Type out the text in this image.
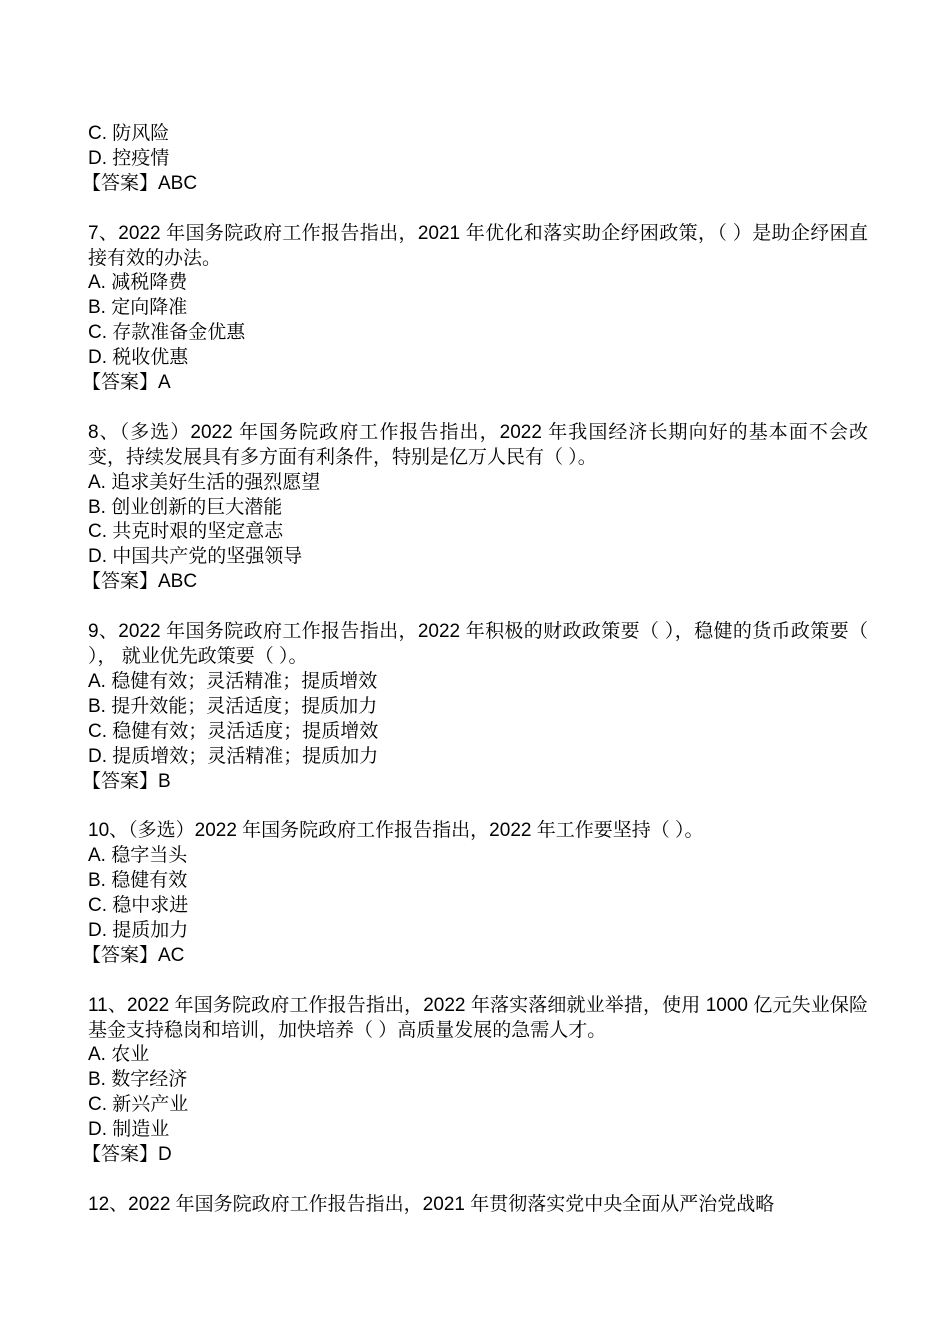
C. 防风险
D. 控疫情
【答案】ABC
7、2022 年国务院政府工作报告指出，2021 年优化和落实助企纾困政策，（ ）是助企纾困直接有效的办法。
A. 减税降费
B. 定向降准
C. 存款准备金优惠
D. 税收优惠
【答案】A
8、（多选）2022 年国务院政府工作报告指出，2022 年我国经济长期向好的基本面不会改变，持续发展具有多方面有利条件，特别是亿万人民有（ ）。
A. 追求美好生活的强烈愿望
B. 创业创新的巨大潜能
C. 共克时艰的坚定意志
D. 中国共产党的坚强领导
【答案】ABC
9、2022 年国务院政府工作报告指出，2022 年积极的财政政策要（ ），稳健的货币政策要（ ）， 就业优先政策要（ ）。
A. 稳健有效；灵活精准；提质增效
B. 提升效能；灵活适度；提质加力
C. 稳健有效；灵活适度；提质增效
D. 提质增效；灵活精准；提质加力
【答案】B
10、（多选）2022 年国务院政府工作报告指出，2022 年工作要坚持（ ）。
A. 稳字当头
B. 稳健有效
C. 稳中求进
D. 提质加力
【答案】AC
11、2022 年国务院政府工作报告指出，2022 年落实落细就业举措，使用 1000 亿元失业保险基金支持稳岗和培训，加快培养（ ）高质量发展的急需人才。
A. 农业
B. 数字经济
C. 新兴产业
D. 制造业
【答案】D
12、2022 年国务院政府工作报告指出，2021 年贯彻落实党中央全面从严治党战略
